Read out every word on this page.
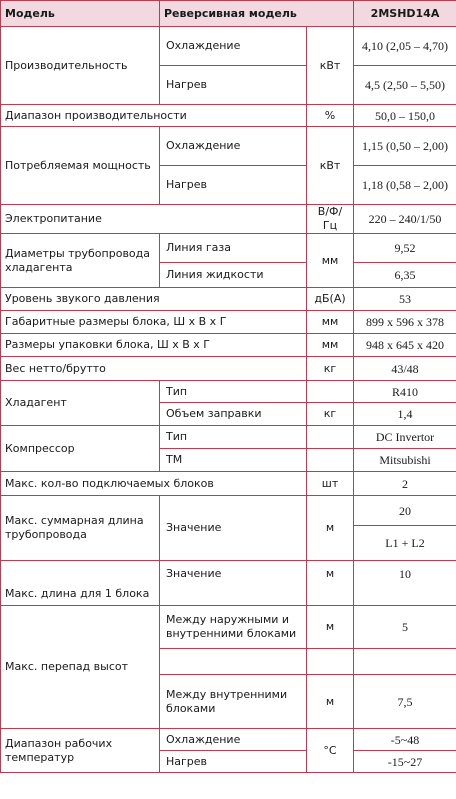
Модель	Реверсивная модель		2MSHD14A
Производительность	Охлаждение	кВт	4,10 (2,05 – 4,70)
	Нагрев		4,5 (2,50 – 5,50)
Диапазон производительности		%	50,0 – 150,0
Потребляемая мощность	Охлаждение	кВт	1,15 (0,50 – 2,00)
	Нагрев		1,18 (0,58 – 2,00)
Электропитание		В/Ф/Гц	220 – 240/1/50
Диаметры трубопровода хладагента	Линия газа	мм	9,52
	Линия жидкости		6,35
Уровень звукого давления		дБ(А)	53
Габаритные размеры блока, Ш х В х Г		мм	899 х 596 х 378
Размеры упаковки блока, Ш х В х Г		мм	948 х 645 х 420
Вес нетто/брутто		кг	43/48
Хладагент	Тип		R410
	Объем заправки	кг	1,4
Компрессор	Тип		DC Invertor
	ТМ		Mitsubishi
Макс. кол-во подключаемых блоков		шт	2
Макс. суммарная длина трубопровода	Значение	м	20
			L1 + L2
Макс. длина для 1 блока	Значение	м	10
Макс. перепад высот	Между наружными и внутренними блоками	м	5

	Между внутренними блоками	м	7,5
Диапазон рабочих температур	Охлаждение	°С	-5~48
	Нагрев		-15~27
